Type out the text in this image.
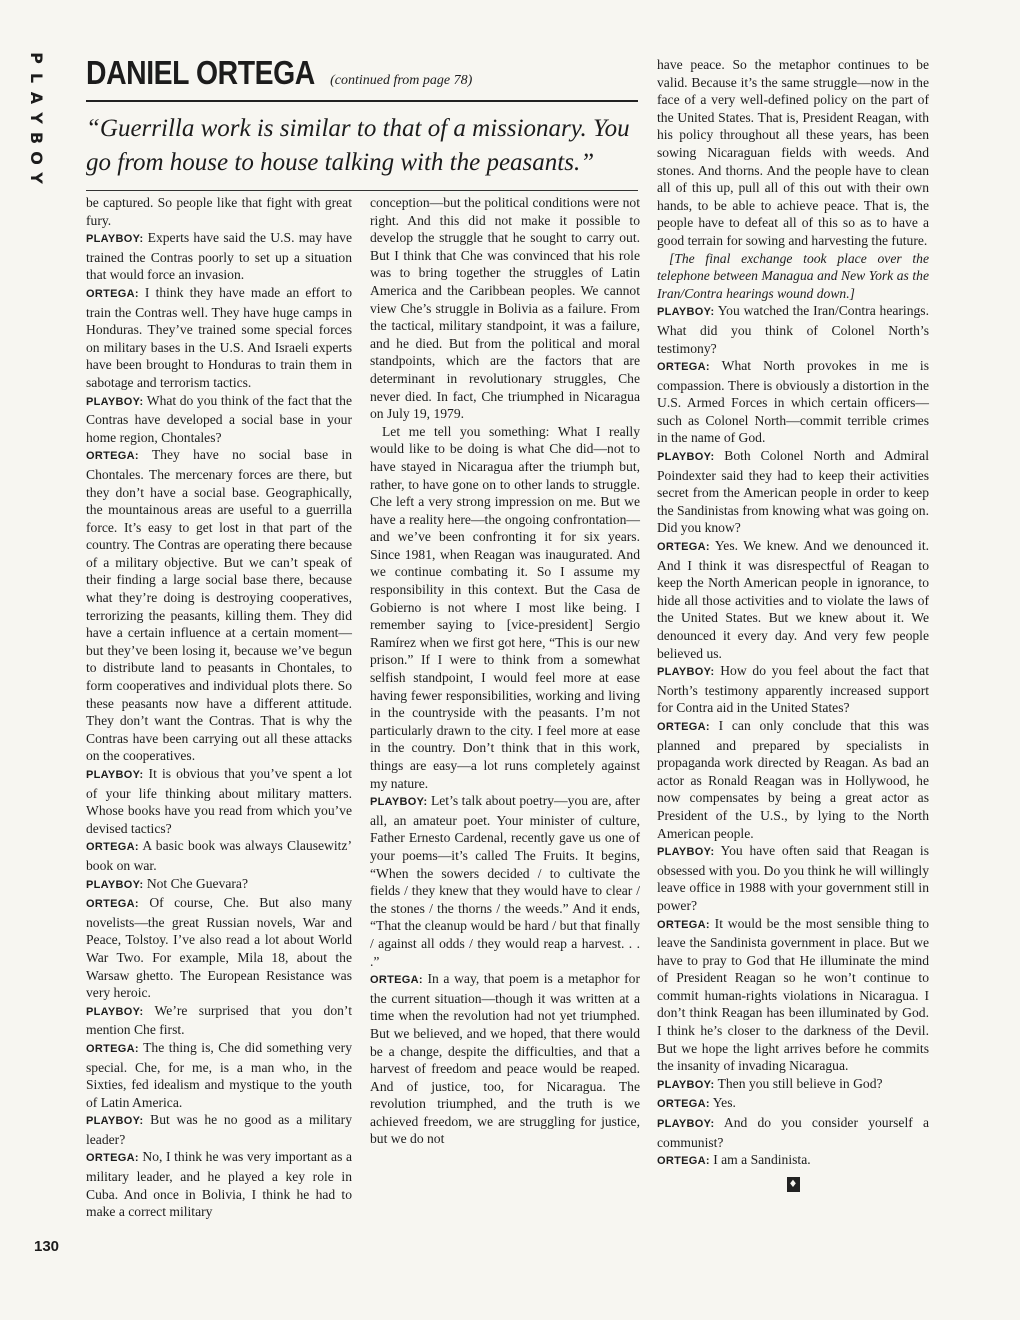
P
L
A
Y
B
O
Y
130
DANIEL ORTEGA (continued from page 78)
“Guerrilla work is similar to that of a missionary. You go from house to house talking with the peasants.”

be captured. So people like that fight with great fury.

PLAYBOY: Experts have said the U.S. may have trained the Contras poorly to set up a situation that would force an invasion.

ORTEGA: I think they have made an effort to train the Contras well. They have huge camps in Honduras. They’ve trained some special forces on military bases in the U.S. And Israeli experts have been brought to Honduras to train them in sabotage and terrorism tactics.

PLAYBOY: What do you think of the fact that the Contras have developed a social base in your home region, Chontales?

ORTEGA: They have no social base in Chontales. The mercenary forces are there, but they don’t have a social base. Geographically, the mountainous areas are useful to a guerrilla force. It’s easy to get lost in that part of the country. The Contras are operating there because of a military objective. But we can’t speak of their finding a large social base there, because what they’re doing is destroying cooperatives, terrorizing the peasants, killing them. They did have a certain influence at a certain moment—but they’ve been losing it, because we’ve begun to distribute land to peasants in Chontales, to form cooperatives and individual plots there. So these peasants now have a different attitude. They don’t want the Contras. That is why the Contras have been carrying out all these attacks on the cooperatives.

PLAYBOY: It is obvious that you’ve spent a lot of your life thinking about military matters. Whose books have you read from which you’ve devised tactics?

ORTEGA: A basic book was always Clausewitz’ book on war.

PLAYBOY: Not Che Guevara?

ORTEGA: Of course, Che. But also many novelists—the great Russian novels, War and Peace, Tolstoy. I’ve also read a lot about World War Two. For example, Mila 18, about the Warsaw ghetto. The European Resistance was very heroic.

PLAYBOY: We’re surprised that you don’t mention Che first.

ORTEGA: The thing is, Che did something very special. Che, for me, is a man who, in the Sixties, fed idealism and mystique to the youth of Latin America.

PLAYBOY: But was he no good as a military leader?

ORTEGA: No, I think he was very important as a military leader, and he played a key role in Cuba. And once in Bolivia, I think he had to make a correct military

conception—but the political conditions were not right. And this did not make it possible to develop the struggle that he sought to carry out. But I think that Che was convinced that his role was to bring together the struggles of Latin America and the Caribbean peoples. We cannot view Che’s struggle in Bolivia as a failure. From the tactical, military standpoint, it was a failure, and he died. But from the political and moral standpoints, which are the factors that are determinant in revolutionary struggles, Che never died. In fact, Che triumphed in Nicaragua on July 19, 1979.

Let me tell you something: What I really would like to be doing is what Che did—not to have stayed in Nicaragua after the triumph but, rather, to have gone on to other lands to struggle. Che left a very strong impression on me. But we have a reality here—the ongoing confrontation—and we’ve been confronting it for six years. Since 1981, when Reagan was inaugurated. And we continue combating it. So I assume my responsibility in this context. But the Casa de Gobierno is not where I most like being. I remember saying to [vice-president] Sergio Ramírez when we first got here, “This is our new prison.” If I were to think from a somewhat selfish standpoint, I would feel more at ease having fewer responsibilities, working and living in the countryside with the peasants. I’m not particularly drawn to the city. I feel more at ease in the country. Don’t think that in this work, things are easy—a lot runs completely against my nature.

PLAYBOY: Let’s talk about poetry—you are, after all, an amateur poet. Your minister of culture, Father Ernesto Cardenal, recently gave us one of your poems—it’s called The Fruits. It begins, “When the sowers decided / to cultivate the fields / they knew that they would have to clear / the stones / the thorns / the weeds.” And it ends, “That the cleanup would be hard / but that finally / against all odds / they would reap a harvest. . . .”

ORTEGA: In a way, that poem is a metaphor for the current situation—though it was written at a time when the revolution had not yet triumphed. But we believed, and we hoped, that there would be a change, despite the difficulties, and that a harvest of freedom and peace would be reaped. And of justice, too, for Nicaragua. The revolution triumphed, and the truth is we achieved freedom, we are struggling for justice, but we do not

have peace. So the metaphor continues to be valid. Because it’s the same struggle—now in the face of a very well-defined policy on the part of the United States. That is, President Reagan, with his policy throughout all these years, has been sowing Nicaraguan fields with weeds. And stones. And thorns. And the people have to clean all of this up, pull all of this out with their own hands, to be able to achieve peace. That is, the people have to defeat all of this so as to have a good terrain for sowing and harvesting the future.

[The final exchange took place over the telephone between Managua and New York as the Iran/Contra hearings wound down.]

PLAYBOY: You watched the Iran/Contra hearings. What did you think of Colonel North’s testimony?

ORTEGA: What North provokes in me is compassion. There is obviously a distortion in the U.S. Armed Forces in which certain officers—such as Colonel North—commit terrible crimes in the name of God.

PLAYBOY: Both Colonel North and Admiral Poindexter said they had to keep their activities secret from the American people in order to keep the Sandinistas from knowing what was going on. Did you know?

ORTEGA: Yes. We knew. And we denounced it. And I think it was disrespectful of Reagan to keep the North American people in ignorance, to hide all those activities and to violate the laws of the United States. But we knew about it. We denounced it every day. And very few people believed us.

PLAYBOY: How do you feel about the fact that North’s testimony apparently increased support for Contra aid in the United States?

ORTEGA: I can only conclude that this was planned and prepared by specialists in propaganda work directed by Reagan. As bad an actor as Ronald Reagan was in Hollywood, he now compensates by being a great actor as President of the U.S., by lying to the North American people.

PLAYBOY: You have often said that Reagan is obsessed with you. Do you think he will willingly leave office in 1988 with your government still in power?

ORTEGA: It would be the most sensible thing to leave the Sandinista government in place. But we have to pray to God that He illuminate the mind of President Reagan so he won’t continue to commit human-rights violations in Nicaragua. I don’t think Reagan has been illuminated by God. I think he’s closer to the darkness of the Devil. But we hope the light arrives before he commits the insanity of invading Nicaragua.

PLAYBOY: Then you still believe in God?

ORTEGA: Yes.

PLAYBOY: And do you consider yourself a communist?

ORTEGA: I am a Sandinista.

♦
